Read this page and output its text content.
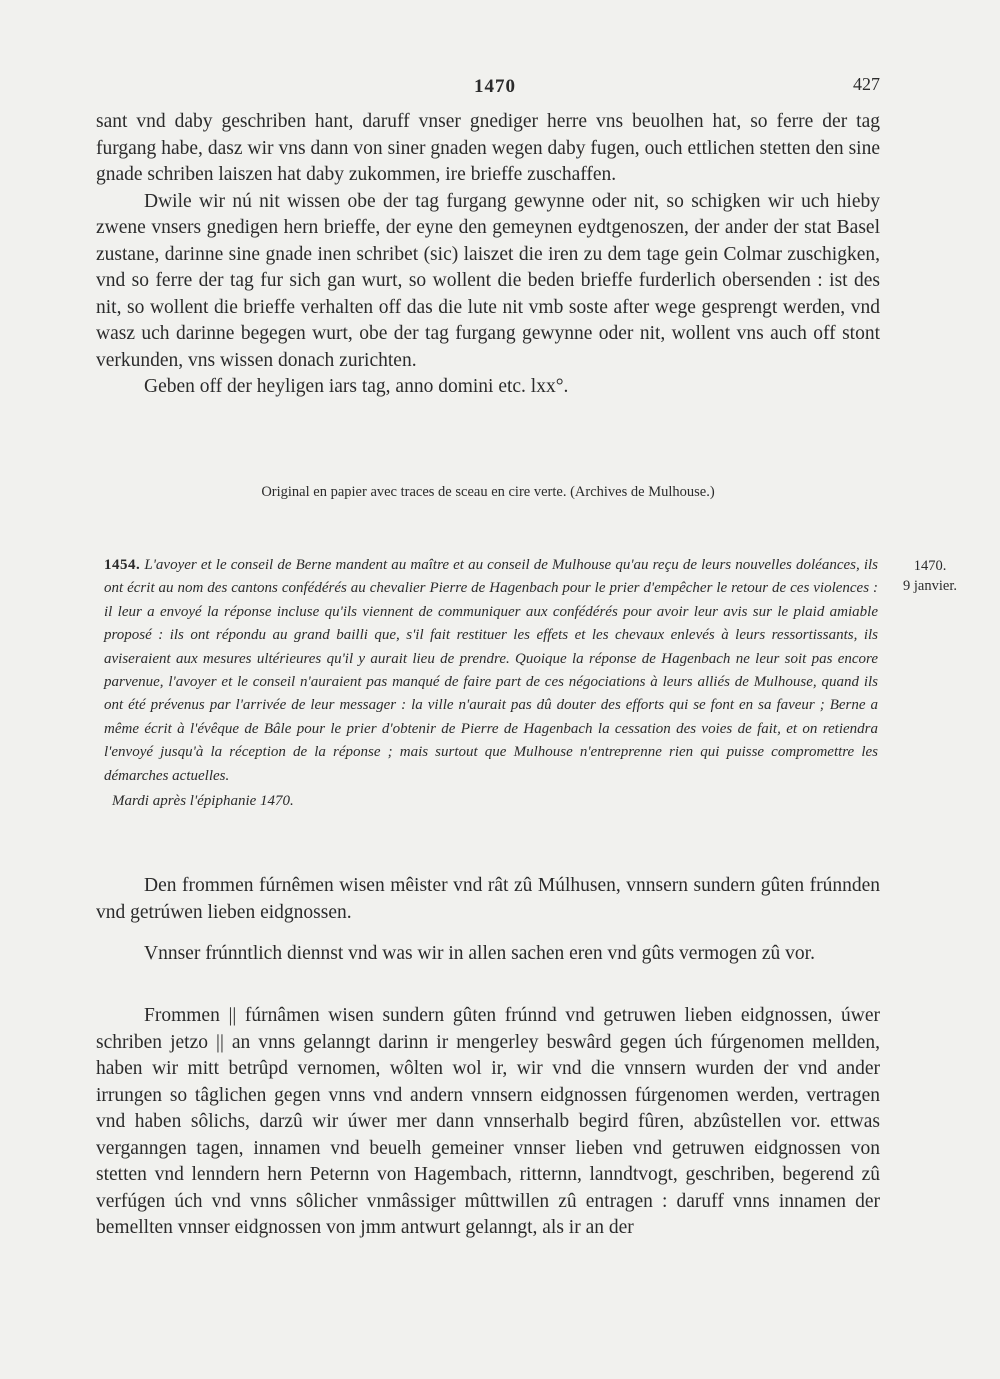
1470	427

sant vnd daby geschriben hant, daruff vnser gnediger herre vns beuolhen hat, so ferre der tag furgang habe, dasz wir vns dann von siner gnaden wegen daby fugen, ouch ettlichen stetten den sine gnade schriben laiszen hat daby zukommen, ire brieffe zuschaffen.

Dwile wir nú nit wissen obe der tag furgang gewynne oder nit, so schigken wir uch hieby zwene vnsers gnedigen hern brieffe, der eyne den gemeynen eydtgenoszen, der ander der stat Basel zustane, darinne sine gnade inen schribet (sic) laiszet die iren zu dem tage gein Colmar zuschigken, vnd so ferre der tag fur sich gan wurt, so wollent die beden brieffe furderlich obersenden : ist des nit, so wollent die brieffe verhalten off das die lute nit vmb soste after wege gesprengt werden, vnd wasz uch darinne begegen wurt, obe der tag furgang gewynne oder nit, wollent vns auch off stont verkunden, vns wissen donach zurichten.

Geben off der heyligen iars tag, anno domini etc. lxx°.

Original en papier avec traces de sceau en cire verte. (Archives de Mulhouse.)
1454. L'avoyer et le conseil de Berne mandent au maître et au conseil de Mulhouse qu'au reçu de leurs nouvelles doléances, ils ont écrit au nom des cantons confédérés au chevalier Pierre de Hagenbach pour le prier d'empêcher le retour de ces violences : il leur a envoyé la réponse incluse qu'ils viennent de communiquer aux confédérés pour avoir leur avis sur le plaid amiable proposé : ils ont répondu au grand bailli que, s'il fait restituer les effets et les chevaux enlevés à leurs ressortissants, ils aviseraient aux mesures ultérieures qu'il y aurait lieu de prendre. Quoique la réponse de Hagenbach ne leur soit pas encore parvenue, l'avoyer et le conseil n'auraient pas manqué de faire part de ces négociations à leurs alliés de Mulhouse, quand ils ont été prévenus par l'arrivée de leur messager : la ville n'aurait pas dû douter des efforts qui se font en sa faveur ; Berne a même écrit à l'évêque de Bâle pour le prier d'obtenir de Pierre de Hagenbach la cessation des voies de fait, et on retiendra l'envoyé jusqu'à la réception de la réponse ; mais surtout que Mulhouse n'entreprenne rien qui puisse compromettre les démarches actuelles.
Mardi après l'épiphanie 1470.
1470.
9 janvier.
Den frommen fúrnêmen wisen mêister vnd rât zû Múlhusen, vnnsern sundern gûten frúnnden vnd getrúwen lieben eidgnossen.
Vnnser frúnntlich diennst vnd was wir in allen sachen eren vnd gûts vermogen zû vor.
Frommen || fúrnâmen wisen sundern gûten frúnnd vnd getruwen lieben eidgnossen, úwer schriben jetzo || an vnns gelanngt darinn ir mengerley beswârd gegen úch fúrgenomen mellden, haben wir mitt betrûpd vernomen, wôlten wol ir, wir vnd die vnnsern wurden der vnd ander irrungen so tâglichen gegen vnns vnd andern vnnsern eidgnossen fúrgenomen werden, vertragen vnd haben sôlichs, darzû wir úwer mer dann vnnserhalb begird fûren, abzûstellen vor. ettwas verganngen tagen, innamen vnd beuelh gemeiner vnnser lieben vnd getruwen eidgnossen von stetten vnd lenndern hern Peternn von Hagembach, ritternn, lanndtvogt, geschriben, begerend zû verfúgen úch vnd vnns sôlicher vnmâssiger mûttwillen zû entragen : daruff vnns innamen der bemellten vnnser eidgnossen von jmm antwurt gelanngt, als ir an der
